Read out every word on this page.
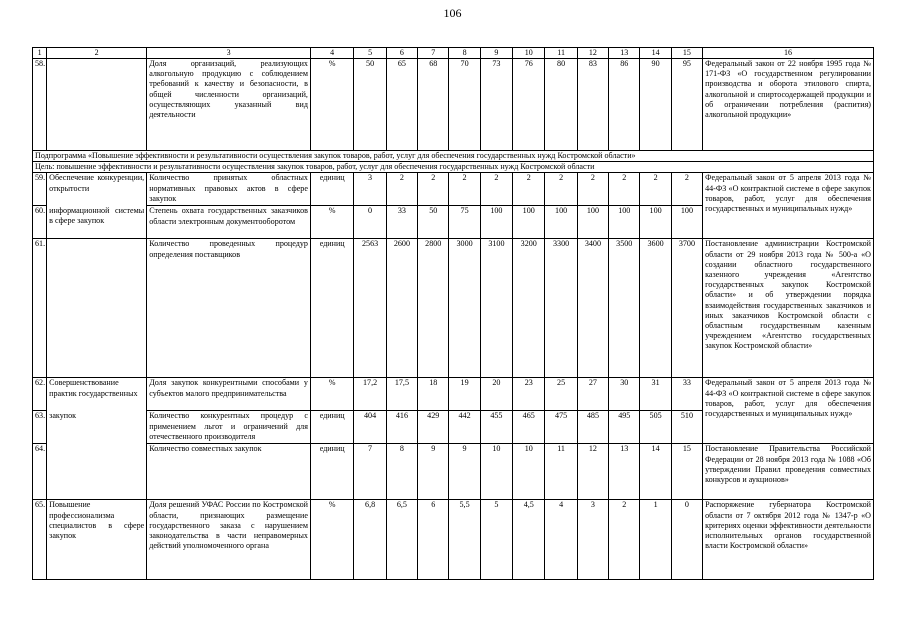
106
1	2	3	4	5	6	7	8	9	10	11	12	13	14	15	16
58.		Доля организаций, реализующих алкогольную продукцию с соблюдением требований к качеству и безопасности, в общей численности организаций, осуществляющих указанный вид деятельности	%	50	65	68	70	73	76	80	83	86	90	95	Федеральный закон от 22 ноября 1995 года № 171-ФЗ «О государственном регулировании производства и оборота этилового спирта, алкогольной и спиртосодержащей продукции и об ограничении потребления (распития) алкогольной продукции»
Подпрограмма «Повышение эффективности и результативности осуществления закупок товаров, работ, услуг для обеспечения государственных нужд Костромской области»															
Цель: повышение эффективности и результативности осуществления закупок товаров, работ, услуг для обеспечения государственных нужд Костромской области															
59.	Обеспечение конкуренции, открытости	Количество принятых областных нормативных правовых актов в сфере закупок	единиц	3	2	2	2	2	2	2	2	2	2	2	Федеральный закон от 5 апреля 2013 года № 44-ФЗ «О контрактной системе в сфере закупок товаров, работ, услуг для обеспечения государственных и муниципальных нужд»
60.	информационной системы в сфере закупок	Степень охвата государственных заказчиков области электронным документооборотом	%	0	33	50	75	100	100	100	100	100	100	100	
61.		Количество проведенных процедур определения поставщиков	единиц	2563	2600	2800	3000	3100	3200	3300	3400	3500	3600	3700	Постановление администрации Костромской области от 29 ноября 2013 года № 500-а «О создании областного государственного казенного учреждения «Агентство государственных закупок Костромской области» и об утверждении порядка взаимодействия государственных заказчиков и иных заказчиков Костромской области с областным государственным казенным учреждением «Агентство государственных закупок Костромской области»
62.	Совершенствование практик государственных	Доля закупок конкурентными способами у субъектов малого предпринимательства	%	17,2	17,5	18	19	20	23	25	27	30	31	33	Федеральный закон от 5 апреля 2013 года № 44-ФЗ «О контрактной системе в сфере закупок товаров, работ, услуг для обеспечения государственных и муниципальных нужд»
63.	закупок	Количество конкурентных процедур с применением льгот и ограничений для отечественного производителя	единиц	404	416	429	442	455	465	475	485	495	505	510	
64.		Количество совместных закупок	единиц	7	8	9	9	10	10	11	12	13	14	15	Постановление Правительства Российской Федерации от 28 ноября 2013 года № 1088 «Об утверждении Правил проведения совместных конкурсов и аукционов»
65.	Повышение профессионализма специалистов в сфере закупок	Доля решений УФАС России по Костромской области, признающих размещение государственного заказа с нарушением законодательства в части неправомерных действий уполномоченного органа	%	6,8	6,5	6	5,5	5	4,5	4	3	2	1	0	Распоряжение губернатора Костромской области от 7 октября 2012 года № 1347-р «О критериях оценки эффективности деятельности исполнительных органов государственной власти Костромской области»
